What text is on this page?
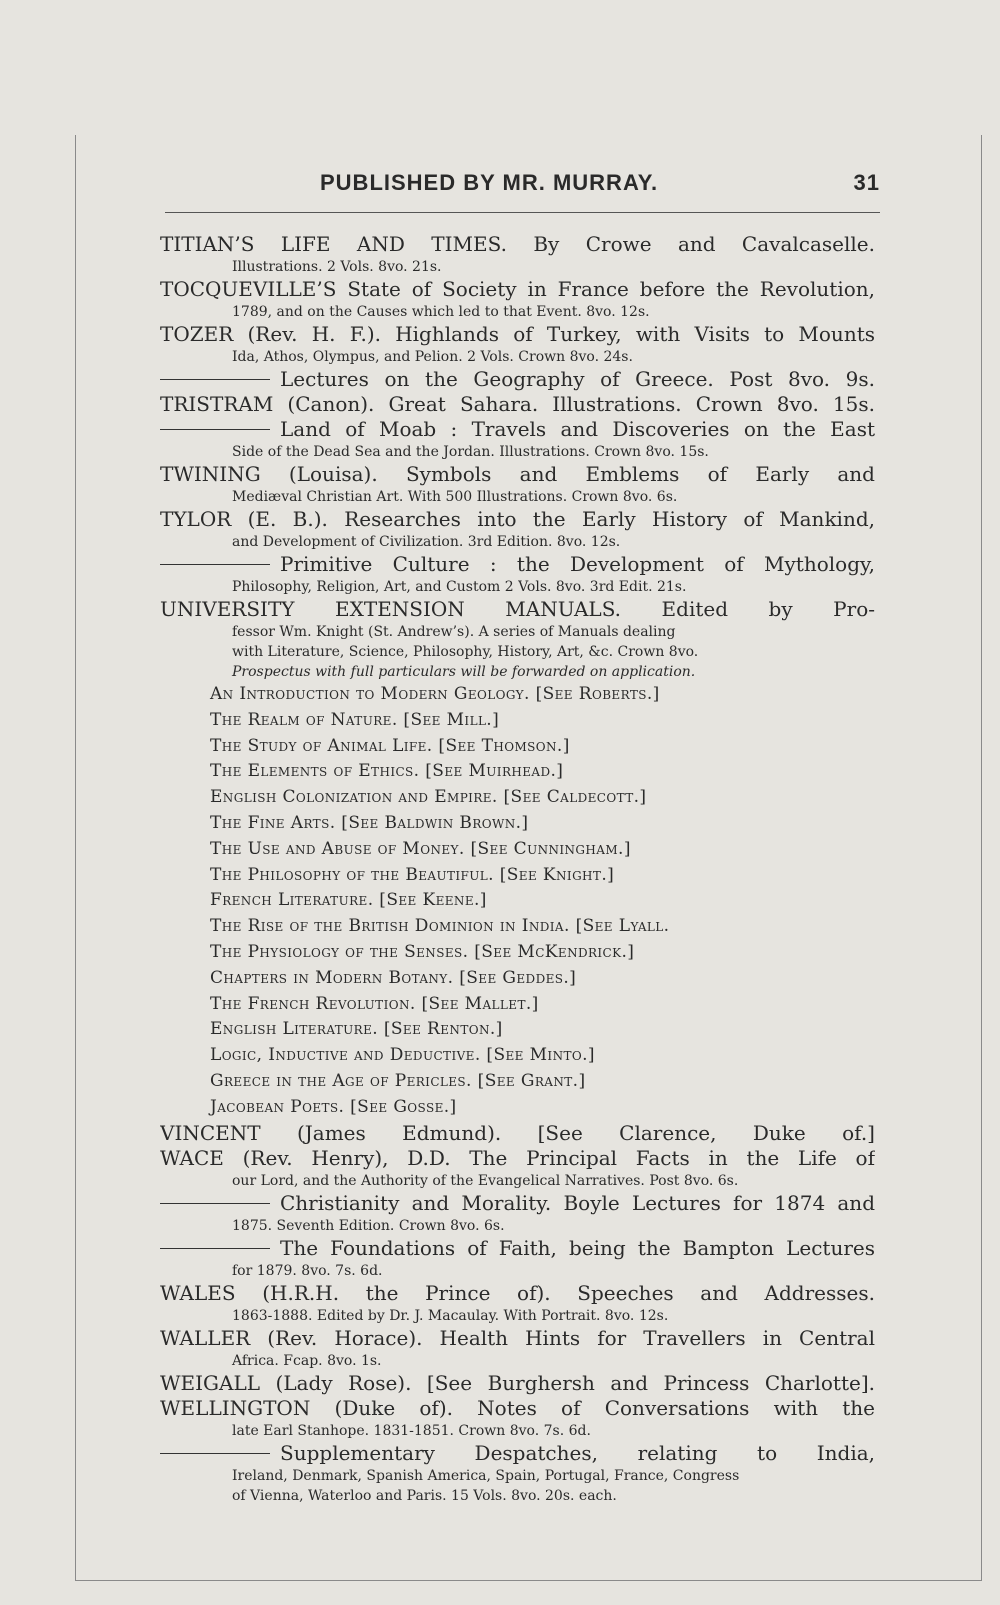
PUBLISHED BY MR. MURRAY.	31
TITIAN’S LIFE AND TIMES. By Crowe and Cavalcaselle.
Illustrations. 2 Vols. 8vo. 21s.
TOCQUEVILLE’S State of Society in France before the Revolution,
1789, and on the Causes which led to that Event. 8vo. 12s.
TOZER (Rev. H. F.). Highlands of Turkey, with Visits to Mounts
Ida, Athos, Olympus, and Pelion. 2 Vols. Crown 8vo. 24s.
Lectures on the Geography of Greece. Post 8vo. 9s.
TRISTRAM (Canon). Great Sahara. Illustrations. Crown 8vo. 15s.
Land of Moab : Travels and Discoveries on the East
Side of the Dead Sea and the Jordan. Illustrations. Crown 8vo. 15s.
TWINING (Louisa). Symbols and Emblems of Early and
Mediæval Christian Art. With 500 Illustrations. Crown 8vo. 6s.
TYLOR (E. B.). Researches into the Early History of Mankind,
and Development of Civilization. 3rd Edition. 8vo. 12s.
Primitive Culture : the Development of Mythology,
Philosophy, Religion, Art, and Custom 2 Vols. 8vo. 3rd Edit. 21s.
UNIVERSITY EXTENSION MANUALS. Edited by Pro-
fessor Wm. Knight (St. Andrew’s). A series of Manuals dealing
with Literature, Science, Philosophy, History, Art, &c. Crown 8vo.
Prospectus with full particulars will be forwarded on application.
An Introduction to Modern Geology. [See Roberts.]
The Realm of Nature. [See Mill.]
The Study of Animal Life. [See Thomson.]
The Elements of Ethics. [See Muirhead.]
English Colonization and Empire. [See Caldecott.]
The Fine Arts. [See Baldwin Brown.]
The Use and Abuse of Money. [See Cunningham.]
The Philosophy of the Beautiful. [See Knight.]
French Literature. [See Keene.]
The Rise of the British Dominion in India. [See Lyall.
The Physiology of the Senses. [See McKendrick.]
Chapters in Modern Botany. [See Geddes.]
The French Revolution. [See Mallet.]
English Literature. [See Renton.]
Logic, Inductive and Deductive. [See Minto.]
Greece in the Age of Pericles. [See Grant.]
Jacobean Poets. [See Gosse.]
VINCENT (James Edmund). [See Clarence, Duke of.]
WACE (Rev. Henry), D.D. The Principal Facts in the Life of
our Lord, and the Authority of the Evangelical Narratives. Post 8vo. 6s.
Christianity and Morality. Boyle Lectures for 1874 and
1875. Seventh Edition. Crown 8vo. 6s.
The Foundations of Faith, being the Bampton Lectures
for 1879. 8vo. 7s. 6d.
WALES (H.R.H. the Prince of). Speeches and Addresses.
1863-1888. Edited by Dr. J. Macaulay. With Portrait. 8vo. 12s.
WALLER (Rev. Horace). Health Hints for Travellers in Central
Africa. Fcap. 8vo. 1s.
WEIGALL (Lady Rose). [See Burghersh and Princess Charlotte].
WELLINGTON (Duke of). Notes of Conversations with the
late Earl Stanhope. 1831-1851. Crown 8vo. 7s. 6d.
Supplementary Despatches, relating to India,
Ireland, Denmark, Spanish America, Spain, Portugal, France, Congress
of Vienna, Waterloo and Paris. 15 Vols. 8vo. 20s. each.
